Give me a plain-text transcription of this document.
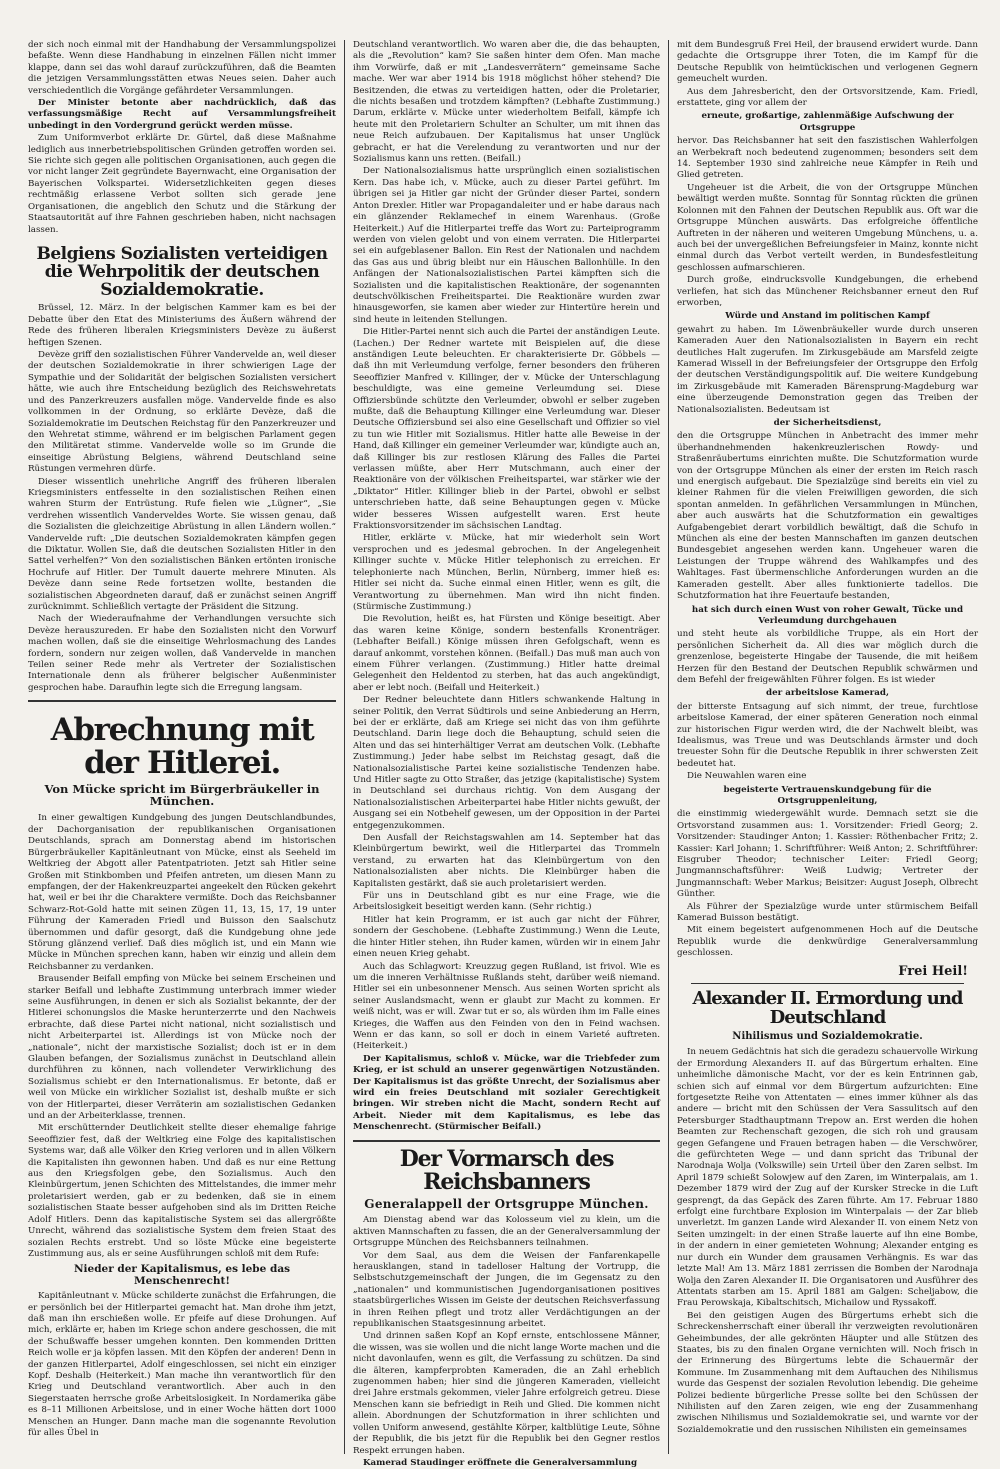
der sich noch einmal mit der Handhabung der Versammlungspolizei befaßte. Wenn diese Handhabung in einzelnen Fällen nicht immer klappe, dann sei das wohl darauf zurückzuführen, daß die Beamten die jetzigen Versammlungsstätten etwas Neues seien. Daher auch verschiedentlich die Vorgänge gefährdeter Versammlungen.

Der Minister betonte aber nachdrücklich, daß das verfassungsmäßige Recht auf Versammlungsfreiheit unbedingt in den Vordergrund gerückt werden müsse.

Zum Uniformverbot erklärte Dr. Gürtel, daß diese Maßnahme lediglich aus innerbetriebspolitischen Gründen getroffen worden sei. Sie richte sich gegen alle politischen Organisationen, auch gegen die vor nicht langer Zeit gegründete Bayernwacht, eine Organisation der Bayerischen Volkspartei. Widersetzlichkeiten gegen dieses rechtmäßig erlassene Verbot sollten sich gerade jene Organisationen, die angeblich den Schutz und die Stärkung der Staatsautorität auf ihre Fahnen geschrieben haben, nicht nachsagen lassen.

Belgiens Sozialisten verteidigen die Wehrpolitik der deutschen Sozialdemokratie.

Brüssel, 12. März. In der belgischen Kammer kam es bei der Debatte über den Etat des Ministeriums des Äußern während der Rede des früheren liberalen Kriegsministers Devèze zu äußerst heftigen Szenen.

Devèze griff den sozialistischen Führer Vandervelde an, weil dieser der deutschen Sozialdemokratie in ihrer schwierigen Lage der Sympathie und der Solidarität der belgischen Sozialisten versichert hätte, wie auch ihre Entscheidung bezüglich des Reichswehretats und des Panzerkreuzers ausfallen möge. Vandervelde finde es also vollkommen in der Ordnung, so erklärte Devèze, daß die Sozialdemokratie im Deutschen Reichstag für den Panzerkreuzer und den Wehretat stimme, während er im belgischen Parlament gegen den Militäretat stimme. Vandervelde wolle so im Grunde die einseitige Abrüstung Belgiens, während Deutschland seine Rüstungen vermehren dürfe.

Dieser wissentlich unehrliche Angriff des früheren liberalen Kriegsministers entfesselte in den sozialistischen Reihen einen wahren Sturm der Entrüstung. Rufe fielen wie „Lügner“, „Sie verdrehen wissentlich Vanderveldes Worte. Sie wissen genau, daß die Sozialisten die gleichzeitige Abrüstung in allen Ländern wollen.“ Vandervelde ruft: „Die deutschen Sozialdemokraten kämpfen gegen die Diktatur. Wollen Sie, daß die deutschen Sozialisten Hitler in den Sattel verhelfen?“ Von den sozialistischen Bänken ertönten ironische Hochrufe auf Hitler. Der Tumult dauerte mehrere Minuten. Als Devèze dann seine Rede fortsetzen wollte, bestanden die sozialistischen Abgeordneten darauf, daß er zunächst seinen Angriff zurücknimmt. Schließlich vertagte der Präsident die Sitzung.

Nach der Wiederaufnahme der Verhandlungen versuchte sich Devèze herauszureden. Er habe den Sozialisten nicht den Vorwurf machen wollen, daß sie die einseitige Wehrlosmachung des Landes fordern, sondern nur zeigen wollen, daß Vandervelde in manchen Teilen seiner Rede mehr als Vertreter der Sozialistischen Internationale denn als früherer belgischer Außenminister gesprochen habe. Daraufhin legte sich die Erregung langsam.

Abrechnung mit der Hitlerei.
Von Mücke spricht im Bürgerbräukeller in München.

In einer gewaltigen Kundgebung des jungen Deutschlandbundes, der Dachorganisation der republikanischen Organisationen Deutschlands, sprach am Donnerstag abend im historischen Bürgerbräukeller Kapitänleutnant von Mücke, einst als Seeheld im Weltkrieg der Abgott aller Patentpatrioten. Jetzt sah Hitler seine Großen mit Stinkbomben und Pfeifen antreten, um diesen Mann zu empfangen, der der Hakenkreuzpartei angeekelt den Rücken gekehrt hat, weil er bei ihr die Charaktere vermißte. Doch das Reichsbanner Schwarz-Rot-Gold hatte mit seinen Zügen 11, 13, 15, 17, 19 unter Führung der Kameraden Friedl und Buisson den Saalschutz übernommen und dafür gesorgt, daß die Kundgebung ohne jede Störung glänzend verlief. Daß dies möglich ist, und ein Mann wie Mücke in München sprechen kann, haben wir einzig und allein dem Reichsbanner zu verdanken.

Brausender Beifall empfing von Mücke bei seinem Erscheinen und starker Beifall und lebhafte Zustimmung unterbrach immer wieder seine Ausführungen, in denen er sich als Sozialist bekannte, der der Hitlerei schonungslos die Maske herunterzerrte und den Nachweis erbrachte, daß diese Partei nicht national, nicht sozialistisch und nicht Arbeiterpartei ist. Allerdings ist von Mücke noch der „nationale“, nicht der marxistische Sozialist; doch ist er in dem Glauben befangen, der Sozialismus zunächst in Deutschland allein durchführen zu können, nach vollendeter Verwirklichung des Sozialismus schiebt er den Internationalismus. Er betonte, daß er weil von Mücke ein wirklicher Sozialist ist, deshalb mußte er sich von der Hitlerpartei, dieser Verräterin am sozialistischen Gedanken und an der Arbeiterklasse, trennen.

Mit erschütternder Deutlichkeit stellte dieser ehemalige fahrige Seeoffizier fest, daß der Weltkrieg eine Folge des kapitalistischen Systems war, daß alle Völker den Krieg verloren und in allen Völkern die Kapitalisten ihn gewonnen haben. Und daß es nur eine Rettung aus den Kriegsfolgen gebe, den Sozialismus. Auch den Kleinbürgertum, jenen Schichten des Mittelstandes, die immer mehr proletarisiert werden, gab er zu bedenken, daß sie in einem sozialistischen Staate besser aufgehoben sind als im Dritten Reiche Adolf Hitlers. Denn das kapitalistische System sei das allergrößte Unrecht, während das sozialistische System dem freien Staat des sozialen Rechts erstrebt. Und so löste Mücke eine begeisterte Zustimmung aus, als er seine Ausführungen schloß mit dem Rufe:

Nieder der Kapitalismus, es lebe das Menschenrecht!

Kapitänleutnant v. Mücke schilderte zunächst die Erfahrungen, die er persönlich bei der Hitlerpartei gemacht hat. Man drohe ihm jetzt, daß man ihn erschießen wolle. Er pfeife auf diese Drohungen. Auf mich, erklärte er, haben im Kriege schon andere geschossen, die mit der Schußwaffe besser umgehen konnten. Den kommenden Dritten Reich wolle er ja köpfen lassen. Mit den Köpfen der anderen! Denn in der ganzen Hitlerpartei, Adolf eingeschlossen, sei nicht ein einziger Kopf. Deshalb (Heiterkeit.) Man mache ihn verantwortlich für den Krieg und Deutschland verantwortlich. Aber auch in den Siegerstaaten herrsche große Arbeitslosigkeit. In Nordamerika gäbe es 8–11 Millionen Arbeitslose, und in einer Woche hätten dort 1000 Menschen an Hunger. Dann mache man die sogenannte Revolution für alles Übel in

Deutschland verantwortlich. Wo waren aber die, die das behaupten, als die „Revolution“ kam? Sie saßen hinter dem Ofen. Man mache ihm Vorwürfe, daß er mit „Landesverrätern“ gemeinsame Sache mache. Wer war aber 1914 bis 1918 möglichst höher stehend? Die Besitzenden, die etwas zu verteidigen hatten, oder die Proletarier, die nichts besaßen und trotzdem kämpften? (Lebhafte Zustimmung.) Darum, erklärte v. Mücke unter wiederholtem Beifall, kämpfe ich heute mit den Proletariern Schulter an Schulter, um mit ihnen das neue Reich aufzubauen. Der Kapitalismus hat unser Unglück gebracht, er hat die Verelendung zu verantworten und nur der Sozialismus kann uns retten. (Beifall.)

Der Nationalsozialismus hatte ursprünglich einen sozialistischen Kern. Das habe ich, v. Mücke, auch zu dieser Partei geführt. Im übrigen sei ja Hitler gar nicht der Gründer dieser Partei, sondern Anton Drexler. Hitler war Propagandaleiter und er habe daraus nach ein glänzender Reklamechef in einem Warenhaus. (Große Heiterkeit.) Auf die Hitlerpartei treffe das Wort zu: Parteiprogramm werden von vielen gelobt und von einem verraten. Die Hitlerpartei sei ein aufgeblasener Ballon. Ein Rest der Nationalen und nachdem das Gas aus und übrig bleibt nur ein Häuschen Ballonhülle. In den Anfängen der Nationalsozialistischen Partei kämpften sich die Sozialisten und die kapitalistischen Reaktionäre, der sogenannten deutschvölkischen Freiheitspartei. Die Reaktionäre wurden zwar hinausgeworfen, sie kamen aber wieder zur Hintertüre herein und sind heute in leitenden Stellungen.

Die Hitler-Partei nennt sich auch die Partei der anständigen Leute. (Lachen.) Der Redner wartete mit Beispielen auf, die diese anständigen Leute beleuchten. Er charakterisierte Dr. Göbbels — daß ihn mit Verleumdung verfolge, ferner besonders den früheren Seeoffizier Manfred v. Killinger, der v. Mücke der Unterschlagung beschuldigte, was eine gemeine Verleumdung sei. Diese Offiziersbünde schützte den Verleumder, obwohl er selber zugeben mußte, daß die Behauptung Killinger eine Verleumdung war. Dieser Deutsche Offiziersbund sei also eine Gesellschaft und Offizier so viel zu tun wie Hitler mit Sozialismus. Hitler hatte alle Beweise in der Hand, daß Killinger ein gemeiner Verleumder war, kündigte auch an, daß Killinger bis zur restlosen Klärung des Falles die Partei verlassen müßte, aber Herr Mutschmann, auch einer der Reaktionäre von der völkischen Freiheitspartei, war stärker wie der „Diktator“ Hitler. Killinger blieb in der Partei, obwohl er selbst unterschrieben hatte, daß seine Behauptungen gegen v. Mücke wider besseres Wissen aufgestellt waren. Erst heute Fraktionsvorsitzender im sächsischen Landtag.

Hitler, erklärte v. Mücke, hat mir wiederholt sein Wort versprochen und es jedesmal gebrochen. In der Angelegenheit Killinger suchte v. Mücke Hitler telephonisch zu erreichen. Er telephonierte nach München, Berlin, Nürnberg, immer hieß es: Hitler sei nicht da. Suche einmal einen Hitler, wenn es gilt, die Verantwortung zu übernehmen. Man wird ihn nicht finden. (Stürmische Zustimmung.)

Die Revolution, heißt es, hat Fürsten und Könige beseitigt. Aber das waren keine Könige, sondern bestenfalls Kronenträger. (Lebhafter Beifall.) Könige müssen ihren Gefolgschaft, wenn es darauf ankommt, vorstehen können. (Beifall.) Das muß man auch von einem Führer verlangen. (Zustimmung.) Hitler hatte dreimal Gelegenheit den Heldentod zu sterben, hat das auch angekündigt, aber er lebt noch. (Beifall und Heiterkeit.)

Der Redner beleuchtete dann Hitlers schwankende Haltung in seiner Politik, den Verrat Südtirols und seine Anbiederung an Herrn, bei der er erklärte, daß am Kriege sei nicht das von ihm geführte Deutschland. Darin liege doch die Behauptung, schuld seien die Alten und das sei hinterhältiger Verrat am deutschen Volk. (Lebhafte Zustimmung.) Jeder habe selbst im Reichstag gesagt, daß die Nationalsozialistische Partei keine sozialistische Tendenzen habe. Und Hitler sagte zu Otto Straßer, das jetzige (kapitalistische) System in Deutschland sei durchaus richtig. Von dem Ausgang der Nationalsozialistischen Arbeiterpartei habe Hitler nichts gewußt, der Ausgang sei ein Notbehelf gewesen, um der Opposition in der Partei entgegenzukommen.

Den Ausfall der Reichstagswahlen am 14. September hat das Kleinbürgertum bewirkt, weil die Hitlerpartei das Trommeln verstand, zu erwarten hat das Kleinbürgertum von den Nationalsozialisten aber nichts. Die Kleinbürger haben die Kapitalisten gestärkt, daß sie auch proletarisiert werden.

Für uns in Deutschland gibt es nur eine Frage, wie die Arbeitslosigkeit beseitigt werden kann. (Sehr richtig.)

Hitler hat kein Programm, er ist auch gar nicht der Führer, sondern der Geschobene. (Lebhafte Zustimmung.) Wenn die Leute, die hinter Hitler stehen, ihn Ruder kamen, würden wir in einem Jahr einen neuen Krieg gehabt.

Auch das Schlagwort: Kreuzzug gegen Rußland, ist frivol. Wie es um die inneren Verhältnisse Rußlands steht, darüber weiß niemand. Hitler sei ein unbesonnener Mensch. Aus seinen Worten spricht als seiner Auslandsmacht, wenn er glaubt zur Macht zu kommen. Er weiß nicht, was er will. Zwar tut er so, als würden ihm im Falle eines Krieges, die Waffen aus den Feinden von den in Feind wachsen. Wenn er das kann, so soll er doch in einem Varieté auftreten. (Heiterkeit.)

Der Kapitalismus, schloß v. Mücke, war die Triebfeder zum Krieg, er ist schuld an unserer gegenwärtigen Notzuständen. Der Kapitalismus ist das größte Unrecht, der Sozialismus aber wird ein freies Deutschland mit sozialer Gerechtigkeit bringen. Wir streben nicht die Macht, sondern Recht auf Arbeit. Nieder mit dem Kapitalismus, es lebe das Menschenrecht. (Stürmischer Beifall.)

Der Vormarsch des Reichsbanners
Generalappell der Ortsgruppe München.

Am Dienstag abend war das Kolosseum viel zu klein, um die aktiven Mannschaften zu fassen, die an der Generalversammlung der Ortsgruppe München des Reichsbanners teilnahmen.

Vor dem Saal, aus dem die Weisen der Fanfarenkapelle herausklangen, stand in tadelloser Haltung der Vortrupp, die Selbstschutzgemeinschaft der Jungen, die im Gegensatz zu den „nationalen“ und kommunistischen Jugendorganisationen positives staatsbürgerliches Wissen im Geiste der deutschen Reichsverfassung in ihren Reihen pflegt und trotz aller Verdächtigungen an der republikanischen Staatsgesinnung arbeitet.

Und drinnen saßen Kopf an Kopf ernste, entschlossene Männer, die wissen, was sie wollen und die nicht lange Worte machen und die nicht davonlaufen, wenn es gilt, die Verfassung zu schützen. Da sind die älteren, kampferprobten Kameraden, die an Zahl erheblich zugenommen haben; hier sind die jüngeren Kameraden, vielleicht drei Jahre erstmals gekommen, vieler Jahre erfolgreich getreu. Diese Menschen kann sie befriedigt in Reih und Glied. Die kommen nicht allein. Abordnungen der Schutzformation in ihrer schlichten und vollen Uniform anwesend, gestählte Körper, kaltblütige Leute, Söhne der Republik, die bis jetzt für die Republik bei den Gegner restlos Respekt errungen haben.

Kamerad Staudinger eröffnete die Generalversammlung

mit dem Bundesgruß Frei Heil, der brausend erwidert wurde. Dann gedachte die Ortsgruppe ihrer Toten, die im Kampf für die Deutsche Republik von heimtückischen und verlogenen Gegnern gemeuchelt wurden.

Aus dem Jahresbericht, den der Ortsvorsitzende, Kam. Friedl, erstattete, ging vor allem der

erneute, großartige, zahlenmäßige Aufschwung der Ortsgruppe

hervor. Das Reichsbanner hat seit den faszistischen Wahlerfolgen an Werbekraft noch bedeutend zugenommen; besonders seit dem 14. September 1930 sind zahlreiche neue Kämpfer in Reih und Glied getreten.

Ungeheuer ist die Arbeit, die von der Ortsgruppe München bewältigt werden mußte. Sonntag für Sonntag rückten die grünen Kolonnen mit den Fahnen der Deutschen Republik aus. Oft war die Ortsgruppe München auswärts. Das erfolgreiche öffentliche Auftreten in der näheren und weiteren Umgebung Münchens, u. a. auch bei der unvergeßlichen Befreiungsfeier in Mainz, konnte nicht einmal durch das Verbot verteilt werden, in Bundesfestleitung geschlossen aufmarschieren.

Durch große, eindrucksvolle Kundgebungen, die erhebend verliefen, hat sich das Münchener Reichsbanner erneut den Ruf erworben,

Würde und Anstand im politischen Kampf

gewahrt zu haben. Im Löwenbräukeller wurde durch unseren Kameraden Auer den Nationalsozialisten in Bayern ein recht deutliches Halt zugerufen. Im Zirkusgebäude am Marsfeld zeigte Kamerad Wissell in der Befreiungsfeier der Ortsgruppe den Erfolg der deutschen Verständigungspolitik auf. Die weitere Kundgebung im Zirkusgebäude mit Kameraden Bärensprung-Magdeburg war eine überzeugende Demonstration gegen das Treiben der Nationalsozialisten. Bedeutsam ist

der Sicherheitsdienst,

den die Ortsgruppe München in Anbetracht des immer mehr überhandnehmenden hakenkreuzlerischen Rowdy- und Straßenräubertums einrichten mußte. Die Schutzformation wurde von der Ortsgruppe München als einer der ersten im Reich rasch und energisch aufgebaut. Die Spezialzüge sind bereits ein viel zu kleiner Rahmen für die vielen Freiwilligen geworden, die sich spontan anmelden. In gefährlichen Versammlungen in München, aber auch auswärts hat die Schutzformation ein gewaltiges Aufgabengebiet derart vorbildlich bewältigt, daß die Schufo in München als eine der besten Mannschaften im ganzen deutschen Bundesgebiet angesehen werden kann. Ungeheuer waren die Leistungen der Truppe während des Wahlkampfes und des Wahltages. Fast übermenschliche Anforderungen wurden an die Kameraden gestellt. Aber alles funktionierte tadellos. Die Schutzformation hat ihre Feuertaufe bestanden,

hat sich durch einen Wust von roher Gewalt, Tücke und Verleumdung durchgehauen

und steht heute als vorbildliche Truppe, als ein Hort der persönlichen Sicherheit da. All dies war möglich durch die grenzenlose, begeisterte Hingabe der Tausende, die mit heißem Herzen für den Bestand der Deutschen Republik schwärmen und dem Befehl der freigewählten Führer folgen. Es ist wieder

der arbeitslose Kamerad,

der bitterste Entsagung auf sich nimmt, der treue, furchtlose arbeitslose Kamerad, der einer späteren Generation noch einmal zur historischen Figur werden wird, die der Nachwelt bleibt, was Idealismus, was Treue und was Deutschlands ärmster und doch treuester Sohn für die Deutsche Republik in ihrer schwersten Zeit bedeutet hat.

Die Neuwahlen waren eine

begeisterte Vertrauenskundgebung für die Ortsgruppenleitung,

die einstimmig wiedergewählt wurde. Demnach setzt sie die Ortsvorstand zusammen aus: 1. Vorsitzender: Friedl Georg; 2. Vorsitzender: Staudinger Anton; 1. Kassier: Röthenbacher Fritz; 2. Kassier: Karl Johann; 1. Schriftführer: Weiß Anton; 2. Schriftführer: Eisgruber Theodor; technischer Leiter: Friedl Georg; Jungmannschaftsführer: Weiß Ludwig; Vertreter der Jungmannschaft: Weber Markus; Beisitzer: August Joseph, Olbrecht Günther.

Als Führer der Spezialzüge wurde unter stürmischem Beifall Kamerad Buisson bestätigt.

Mit einem begeistert aufgenommenen Hoch auf die Deutsche Republik wurde die denkwürdige Generalversammlung geschlossen.

Frei Heil!
Alexander II. Ermordung und Deutschland
Nihilismus und Sozialdemokratie.

In neuem Gedächtnis hat sich die geradezu schauervolle Wirkung der Ermordung Alexanders II. auf das Bürgertum erhalten. Eine unheimliche dämonische Macht, vor der es kein Entrinnen gab, schien sich auf einmal vor dem Bürgertum aufzurichten: Eine fortgesetzte Reihe von Attentaten — eines immer kühner als das andere — bricht mit den Schüssen der Vera Sassulitsch auf den Petersburger Stadthauptmann Trepow an. Erst werden die hohen Beamten zur Rechenschaft gezogen, die sich roh und grausam gegen Gefangene und Frauen betragen haben — die Verschwörer, die gefürchteten Wege — und dann spricht das Tribunal der Narodnaja Wolja (Volkswille) sein Urteil über den Zaren selbst. Im April 1879 schießt Solowjew auf den Zaren, im Winterpalais, am 1. Dezember 1879 wird der Zug auf der Kursker Strecke in die Luft gesprengt, da das Gepäck des Zaren führte. Am 17. Februar 1880 erfolgt eine furchtbare Explosion im Winterpalais — der Zar blieb unverletzt. Im ganzen Lande wird Alexander II. von einem Netz von Seiten umzingelt: in der einen Straße lauerte auf ihn eine Bombe, in der andern in einer gemieteten Wohnung; Alexander entging es nur durch ein Wunder dem grausamen Verhängnis. Es war das letzte Mal! Am 13. März 1881 zerrissen die Bomben der Narodnaja Wolja den Zaren Alexander II. Die Organisatoren und Ausführer des Attentats starben am 15. April 1881 am Galgen: Scheljabow, die Frau Perowskaja, Kibaltschitsch, Michailow und Ryssakoff.

Bei den geistigen Augen des Bürgertums erhebt sich die Schreckensherrschaft einer überall ihr verzweigten revolutionären Geheimbundes, der alle gekrönten Häupter und alle Stützen des Staates, bis zu den finalen Organe vernichten will. Noch frisch in der Erinnerung des Bürgertums lebte die Schauermär der Kommune. Im Zusammenhang mit dem Auftauchen des Nihilismus wurde das Gespenst der sozialen Revolution lebendig. Die geheime Polizei bediente bürgerliche Presse sollte bei den Schüssen der Nihilisten auf den Zaren zeigen, wie eng der Zusammenhang zwischen Nihilismus und Sozialdemokratie sei, und warnte vor der Sozialdemokratie und den russischen Nihilisten ein gemeinsames
